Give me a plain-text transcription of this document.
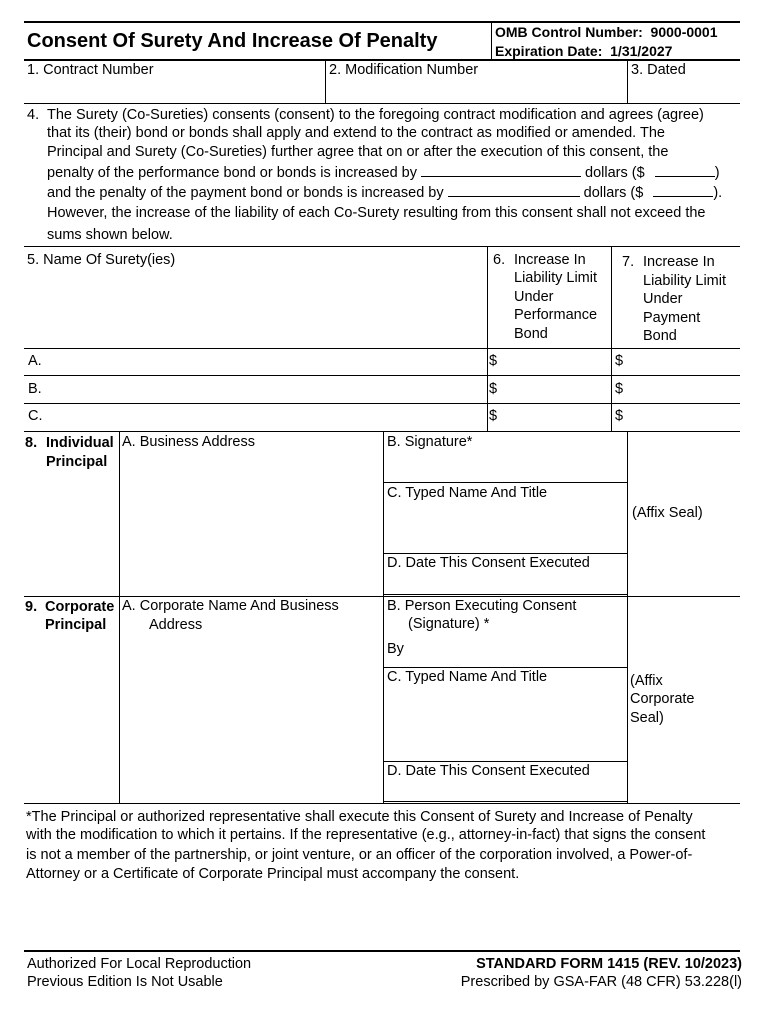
Consent Of Surety And Increase Of Penalty	OMB Control Number: 9000-0001
Expiration Date: 1/31/2027
1. Contract Number	2. Modification Number	3. Dated
4. The Surety (Co-Sureties) consents (consent) to the foregoing contract modification and agrees (agree)
that its (their) bond or bonds shall apply and extend to the contract as modified or amended. The
Principal and Surety (Co-Sureties) further agree that on or after the execution of this consent, the
penalty of the performance bond or bonds is increased by	dollars ($	)
and the penalty of the payment bond or bonds is increased by	dollars ($	).
However, the increase of the liability of each Co-Surety resulting from this consent shall not exceed the
sums shown below.
5. Name Of Surety(ies)	6. Increase In
Liability Limit
Under
Performance
Bond
7. Increase In
Liability Limit
Under
Payment
Bond
A.	$	$
B.	$	$
C.	$	$
8. Individual
Principal
A. Business Address	B. Signature*
C. Typed Name And Title
D. Date This Consent Executed
(Affix Seal)
9. Corporate
Principal
A. Corporate Name And Business
Address
B. Person Executing Consent
(Signature) *
By
C. Typed Name And Title
D. Date This Consent Executed
(Affix
Corporate
Seal)
*The Principal or authorized representative shall execute this Consent of Surety and Increase of Penalty
with the modification to which it pertains. If the representative (e.g., attorney-in-fact) that signs the consent
is not a member of the partnership, or joint venture, or an officer of the corporation involved, a Power-of-
Attorney or a Certificate of Corporate Principal must accompany the consent.
Authorized For Local Reproduction
Previous Edition Is Not Usable
STANDARD FORM 1415 (REV. 10/2023)
Prescribed by GSA-FAR (48 CFR) 53.228(l)
